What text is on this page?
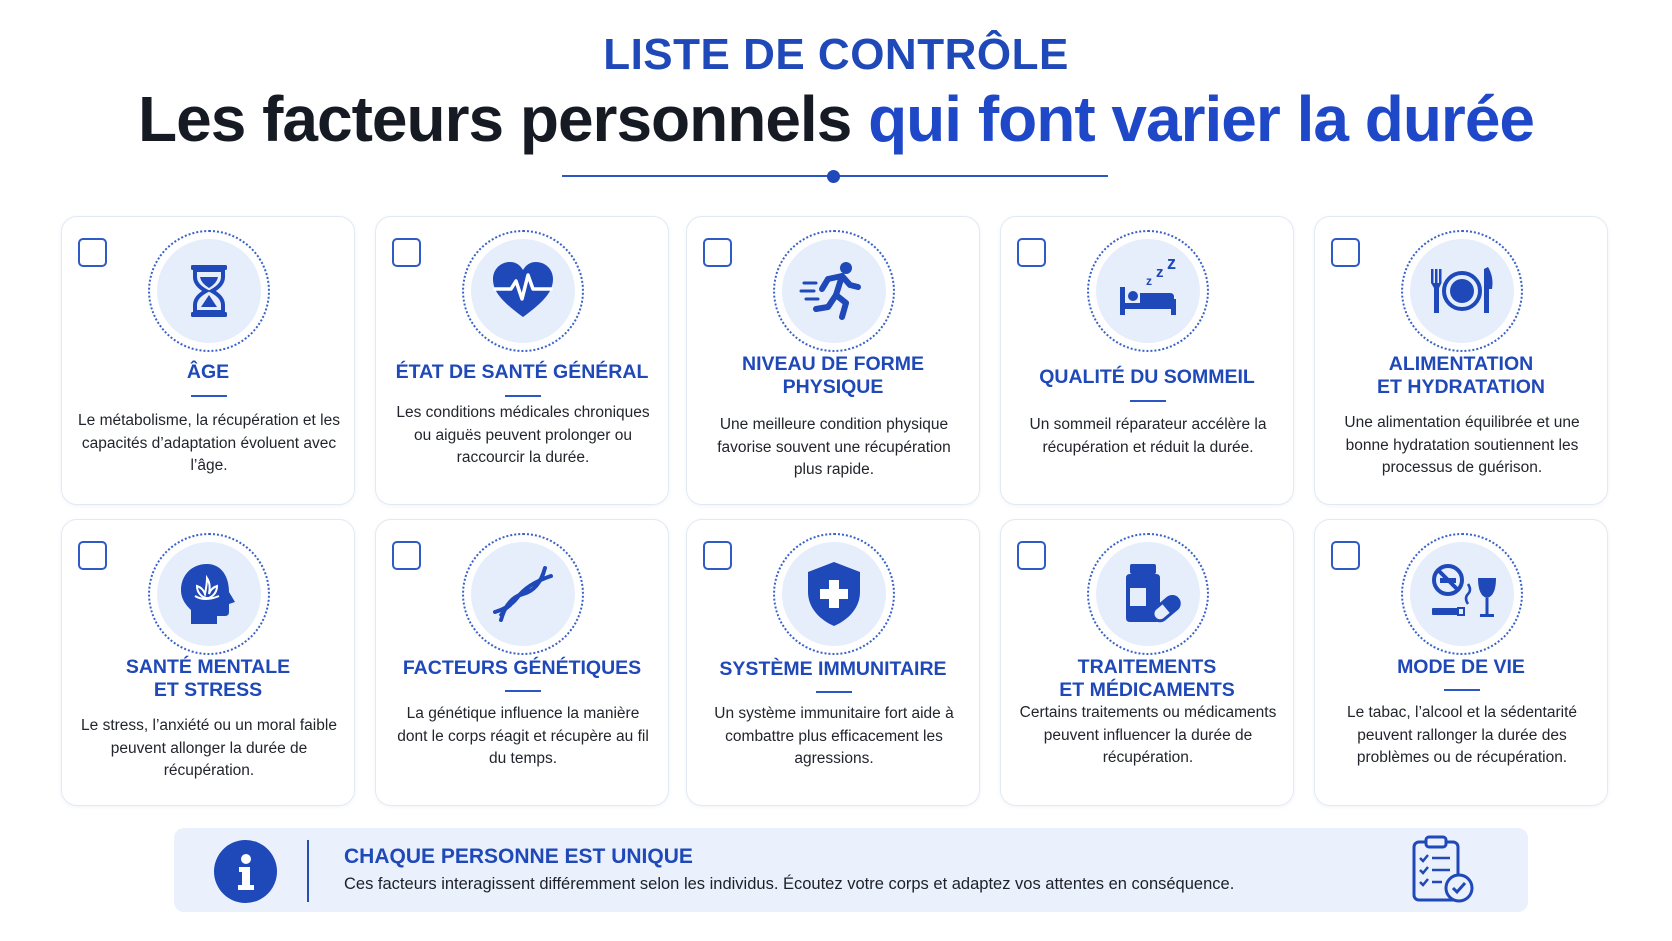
LISTE DE CONTRÔLE
Les facteurs personnels qui font varier la durée
ÂGE
Le métabolisme, la récupération et les capacités d’adaptation évoluent avec l’âge.
ÉTAT DE SANTÉ GÉNÉRAL
Les conditions médicales chroniques ou aiguës peuvent prolonger ou raccourcir la durée.
NIVEAU DE FORME
PHYSIQUE
Une meilleure condition physique favorise souvent une récupération plus rapide.
z z z
QUALITÉ DU SOMMEIL
Un sommeil réparateur accélère la récupération et réduit la durée.
ALIMENTATION
ET HYDRATATION
Une alimentation équilibrée et une bonne hydratation soutiennent les processus de guérison.
SANTÉ MENTALE
ET STRESS
Le stress, l’anxiété ou un moral faible peuvent allonger la durée de récupération.
FACTEURS GÉNÉTIQUES
La génétique influence la manière dont le corps réagit et récupère au fil du temps.
SYSTÈME IMMUNITAIRE
Un système immunitaire fort aide à combattre plus efficacement les agressions.
TRAITEMENTS
ET MÉDICAMENTS
Certains traitements ou médicaments peuvent influencer la durée de récupération.
MODE DE VIE
Le tabac, l’alcool et la sédentarité peuvent rallonger la durée des problèmes ou de récupération.
CHAQUE PERSONNE EST UNIQUE
Ces facteurs interagissent différemment selon les individus. Écoutez votre corps et adaptez vos attentes en conséquence.
